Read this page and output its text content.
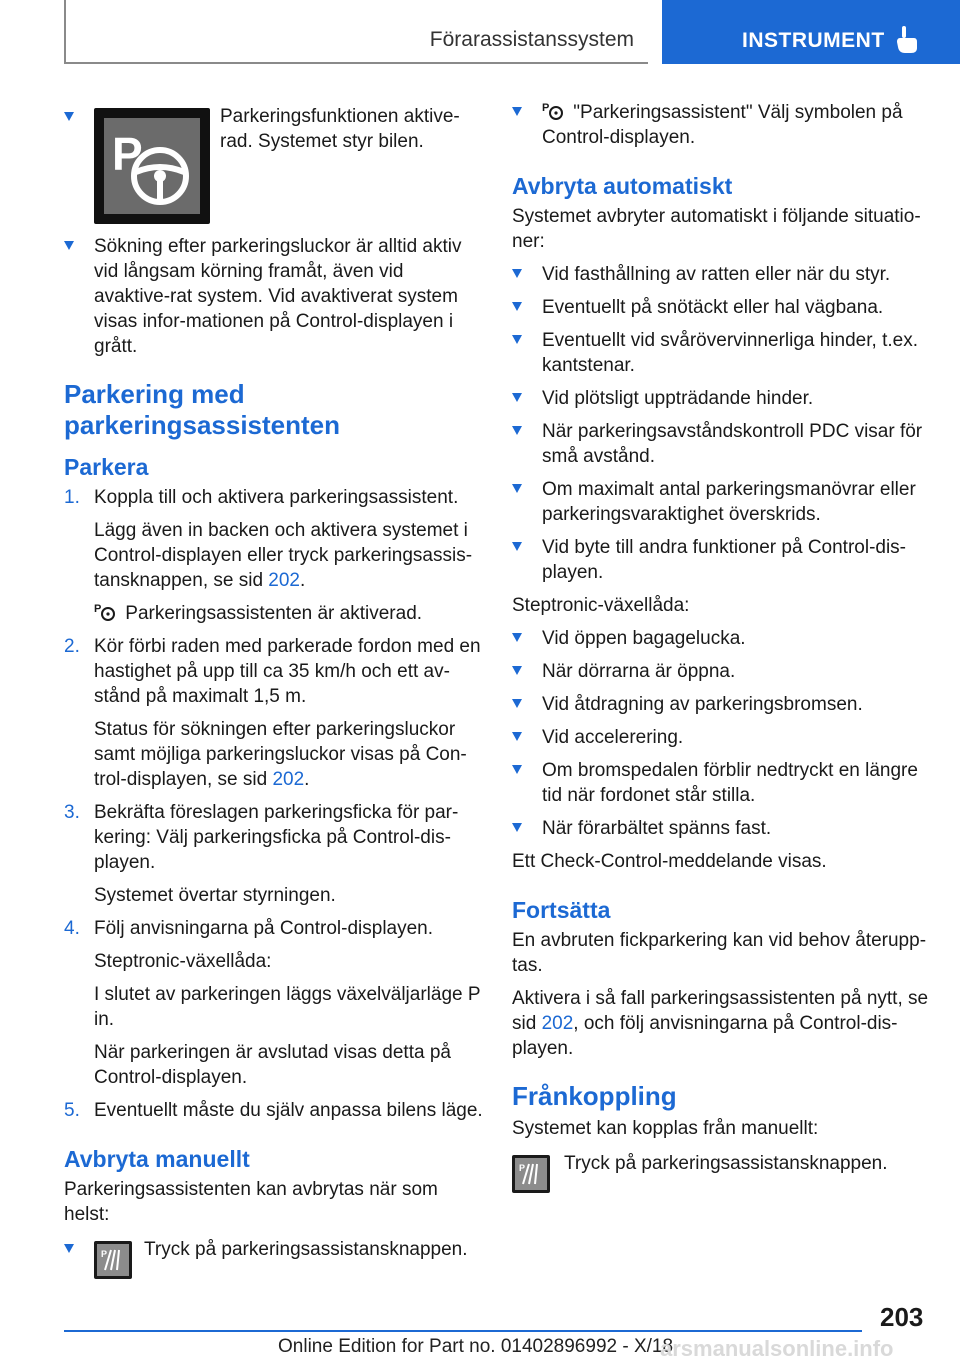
Förarassistanssystem	INSTRUMENT
P

Parkeringsfunktionen aktive-rad. Systemet styr bilen.

Sökning efter parkeringsluckor är alltid aktiv vid långsam körning framåt, även vid avaktive-rat system. Vid avaktiverat system visas infor-mationen på Control-displayen i grått.

Parkering med parkeringsassistenten

Parkera

1. Koppla till och aktivera parkeringsassistent.

Lägg även in backen och aktivera systemet i Control-displayen eller tryck parkeringsassis-tansknappen, se sid 202.

P Parkeringsassistenten är aktiverad.

2. Kör förbi raden med parkerade fordon med en hastighet på upp till ca 35 km/h och ett av-stånd på maximalt 1,5 m.

Status för sökningen efter parkeringsluckor samt möjliga parkeringsluckor visas på Con-trol-displayen, se sid 202.

3. Bekräfta föreslagen parkeringsficka för par-kering: Välj parkeringsficka på Control-dis-playen.

Systemet övertar styrningen.

4. Följ anvisningarna på Control-displayen.

Steptronic-växellåda:

I slutet av parkeringen läggs växelväljarläge P in.

När parkeringen är avslutad visas detta på Control-displayen.

5. Eventuellt måste du själv anpassa bilens läge.

Avbryta manuellt

Parkeringsassistenten kan avbrytas när som helst:

P Tryck på parkeringsassistansknappen.

P "Parkeringsassistent" Välj symbolen på Control-displayen.

Avbryta automatiskt

Systemet avbryter automatiskt i följande situatio-ner:

Vid fasthållning av ratten eller när du styr.

Eventuellt på snötäckt eller hal vägbana.

Eventuellt vid svårövervinnerliga hinder, t.ex. kantstenar.

Vid plötsligt uppträdande hinder.

När parkeringsavståndskontroll PDC visar för små avstånd.

Om maximalt antal parkeringsmanövrar eller parkeringsvaraktighet överskrids.

Vid byte till andra funktioner på Control-dis-playen.

Steptronic-växellåda:

Vid öppen bagagelucka.

När dörrarna är öppna.

Vid åtdragning av parkeringsbromsen.

Vid accelerering.

Om bromspedalen förblir nedtryckt en längre tid när fordonet står stilla.

När förarbältet spänns fast.

Ett Check-Control-meddelande visas.

Fortsätta

En avbruten fickparkering kan vid behov återupp-tas.

Aktivera i så fall parkeringsassistenten på nytt, se sid 202, och följ anvisningarna på Control-dis-playen.

Frånkoppling

Systemet kan kopplas från manuellt:

P Tryck på parkeringsassistansknappen.

203
Online Edition for Part no. 01402896992 - X/18
arsmanualsonline.info
